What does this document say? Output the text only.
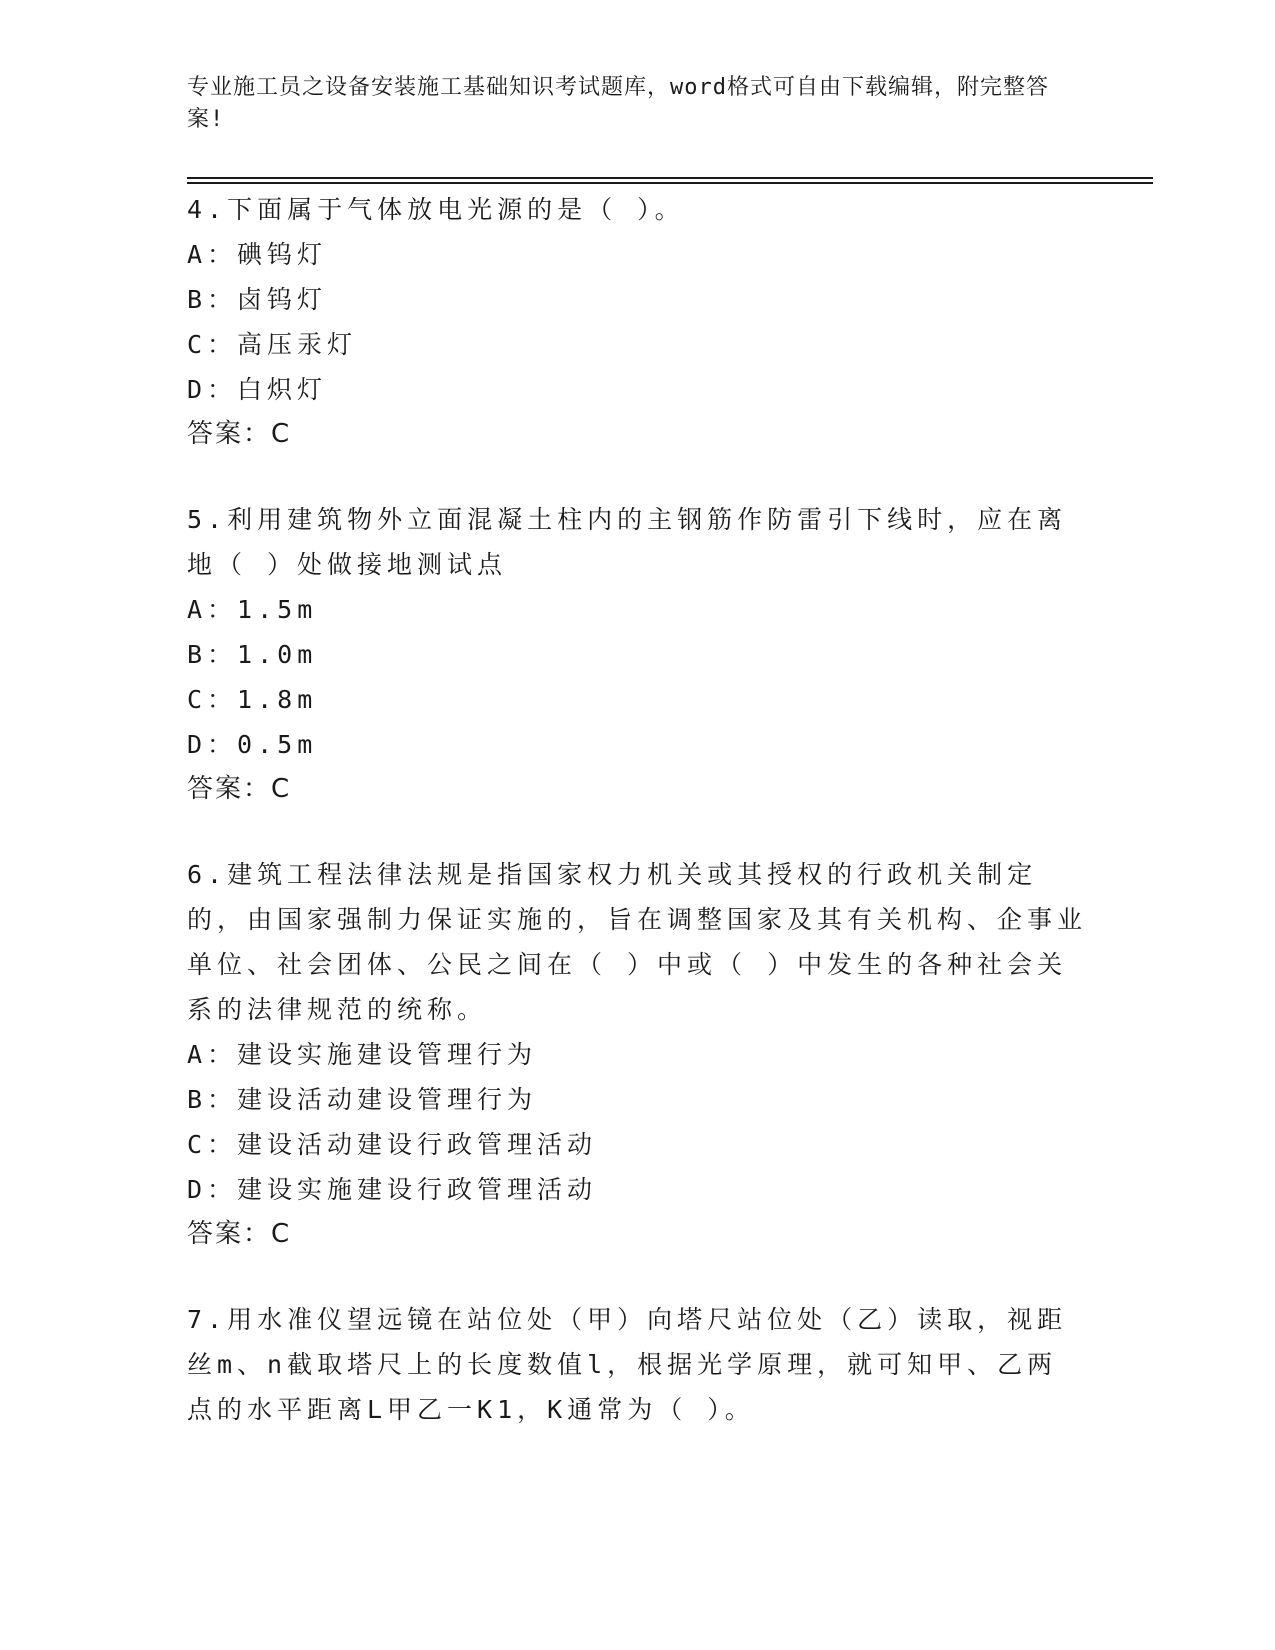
专业施工员之设备安装施工基础知识考试题库，word格式可自由下载编辑，附完整答案!
4.下面属于气体放电光源的是（ ）。
A：碘钨灯
B：卤钨灯
C：高压汞灯
D：白炽灯
答案：C
5.利用建筑物外立面混凝土柱内的主钢筋作防雷引下线时，应在离地（ ）处做接地测试点
A：1.5m
B：1.0m
C：1.8m
D：0.5m
答案：C
6.建筑工程法律法规是指国家权力机关或其授权的行政机关制定的，由国家强制力保证实施的，旨在调整国家及其有关机构、企事业单位、社会团体、公民之间在（ ）中或（ ）中发生的各种社会关系的法律规范的统称。
A：建设实施建设管理行为
B：建设活动建设管理行为
C：建设活动建设行政管理活动
D：建设实施建设行政管理活动
答案：C
7.用水准仪望远镜在站位处（甲）向塔尺站位处（乙）读取，视距丝m、n截取塔尺上的长度数值l，根据光学原理，就可知甲、乙两点的水平距离L甲乙一K1，K通常为（ ）。
